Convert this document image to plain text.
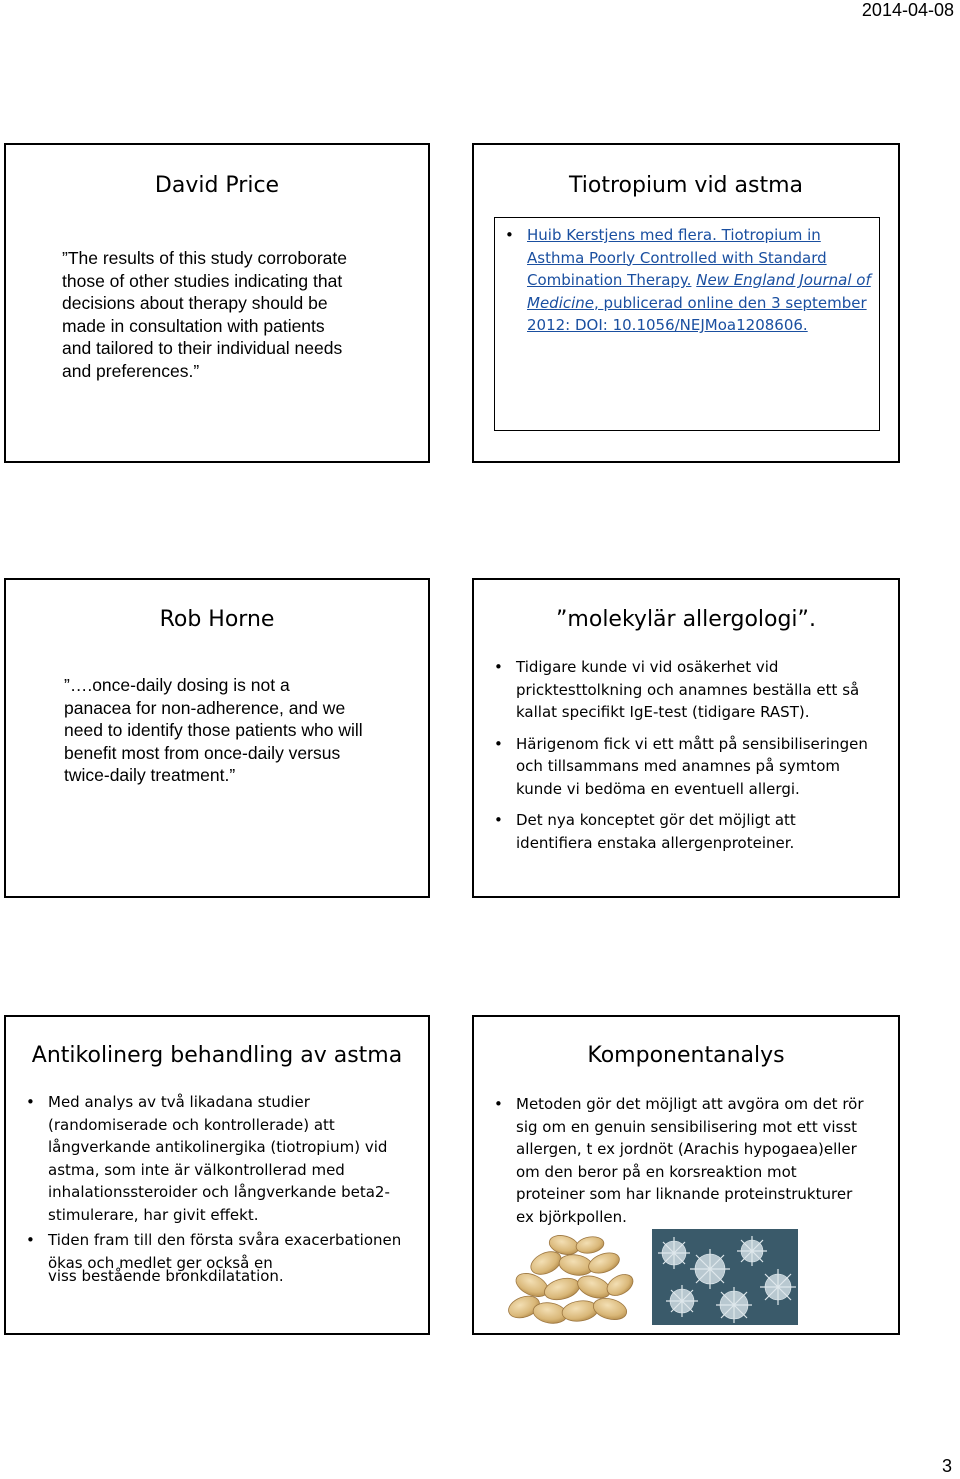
2014-04-08
David Price
”The results of this study corroborate
those of other studies indicating that
decisions about therapy should be
made in consultation with patients
and tailored to their individual needs
and preferences.”
Tiotropium vid astma
• Huib Kerstjens med flera. Tiotropium in
Asthma Poorly Controlled with Standard
Combination Therapy. New England Journal of
Medicine, publicerad online den 3 september
2012: DOI: 10.1056/NEJMoa1208606.
Rob Horne
”….once-daily dosing is not a
panacea for non-adherence, and we
need to identify those patients who will
benefit most from once-daily versus
twice-daily treatment.”
”molekylär allergologi”.
• Tidigare kunde vi vid osäkerhet vid
pricktesttolkning och anamnes beställa ett så
kallat specifikt IgE-test (tidigare RAST).
• Härigenom fick vi ett mått på sensibiliseringen
och tillsammans med anamnes på symtom
kunde vi bedöma en eventuell allergi.
• Det nya konceptet gör det möjligt att
identifiera enstaka allergenproteiner.
Antikolinerg behandling av astma
• Med analys av två likadana studier
(randomiserade och kontrollerade) att
långverkande antikolinergika (tiotropium) vid
astma, som inte är välkontrollerad med
inhalationssteroider och långverkande beta2-
stimulerare, har givit effekt.
• Tiden fram till den första svåra exacerbationen
ökas och medlet ger också en
viss bestående bronkdilatation.
Komponentanalys
• Metoden gör det möjligt att avgöra om det rör
sig om en genuin sensibilisering mot ett visst
allergen, t ex jordnöt (Arachis hypogaea)eller
om den beror på en korsreaktion mot
proteiner som har liknande proteinstrukturer
ex björkpollen.
3
